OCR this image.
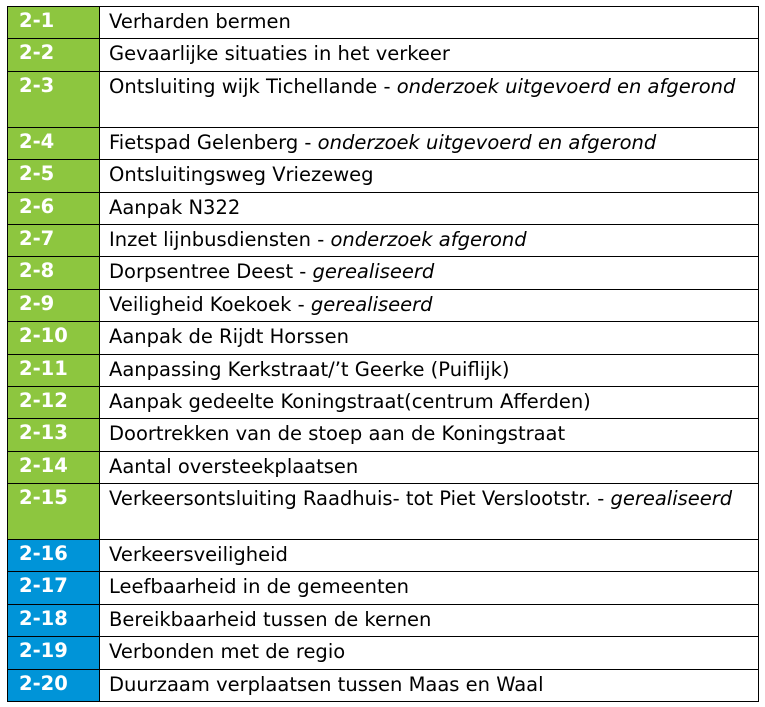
2-1	Verharden bermen
2-2	Gevaarlijke situaties in het verkeer
2-3	Ontsluiting wijk Tichellande - onderzoek uitgevoerd en afgerond
2-4	Fietspad Gelenberg - onderzoek uitgevoerd en afgerond
2-5	Ontsluitingsweg Vriezeweg
2-6	Aanpak N322
2-7	Inzet lijnbusdiensten - onderzoek afgerond
2-8	Dorpsentree Deest - gerealiseerd
2-9	Veiligheid Koekoek - gerealiseerd
2-10	Aanpak de Rijdt Horssen
2-11	Aanpassing Kerkstraat/’t Geerke (Puiflijk)
2-12	Aanpak gedeelte Koningstraat(centrum Afferden)
2-13	Doortrekken van de stoep aan de Koningstraat
2-14	Aantal oversteekplaatsen
2-15	Verkeersontsluiting Raadhuis- tot Piet Verslootstr. - gerealiseerd
2-16	Verkeersveiligheid
2-17	Leefbaarheid in de gemeenten
2-18	Bereikbaarheid tussen de kernen
2-19	Verbonden met de regio
2-20	Duurzaam verplaatsen tussen Maas en Waal
